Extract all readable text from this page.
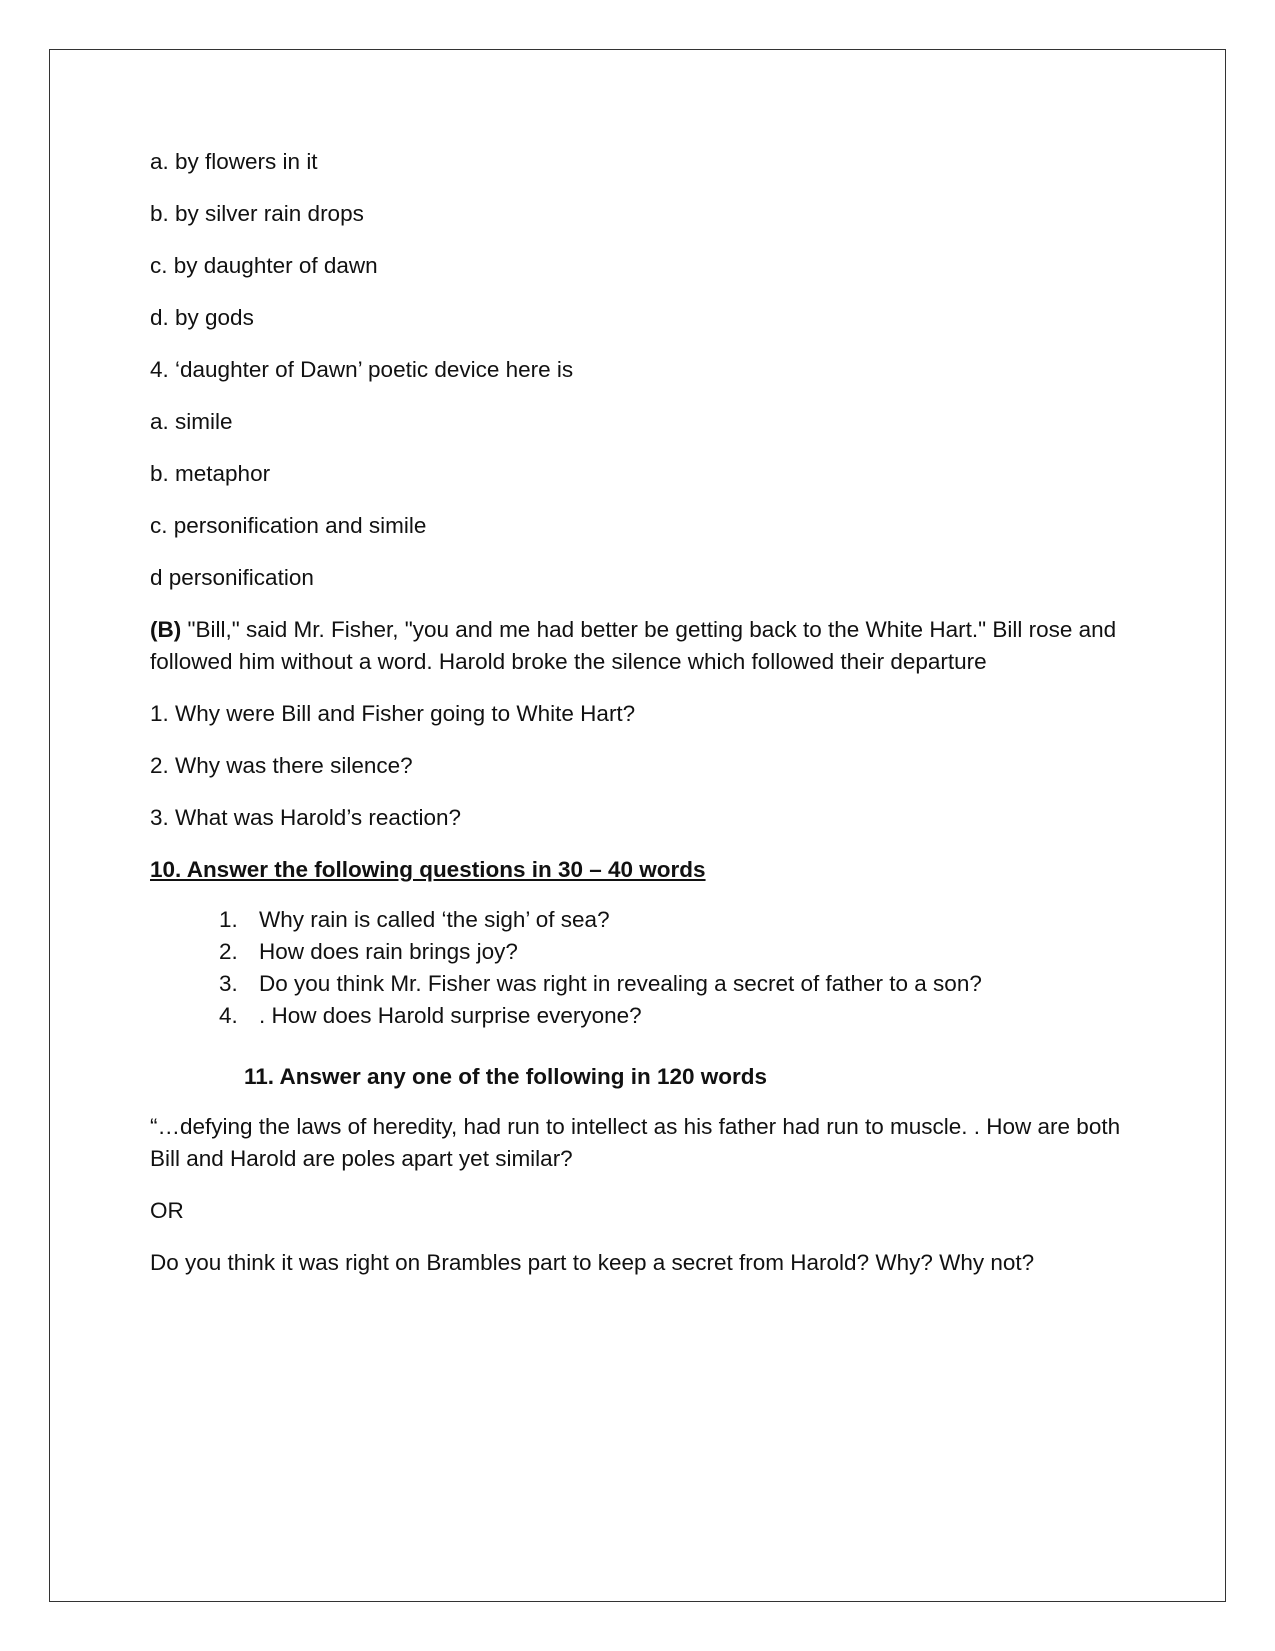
a. by flowers in it

b. by silver rain drops

c. by daughter of dawn

d. by gods

4. ‘daughter of Dawn’ poetic device here is

a. simile

b. metaphor

c. personification and simile

d personification

(B) "Bill," said Mr. Fisher, "you and me had better be getting back to the White Hart." Bill rose and followed him without a word. Harold broke the silence which followed their departure

1. Why were Bill and Fisher going to White Hart?

2. Why was there silence?

3. What was Harold’s reaction?

10. Answer the following questions in 30 – 40 words

1. Why rain is called ‘the sigh’ of sea?
2. How does rain brings joy?
3. Do you think Mr. Fisher was right in revealing a secret of father to a son?
4. . How does Harold surprise everyone?

11. Answer any one of the following in 120 words

“…defying the laws of heredity, had run to intellect as his father had run to muscle. . How are both Bill and Harold are poles apart yet similar?

OR

Do you think it was right on Brambles part to keep a secret from Harold? Why? Why not?
